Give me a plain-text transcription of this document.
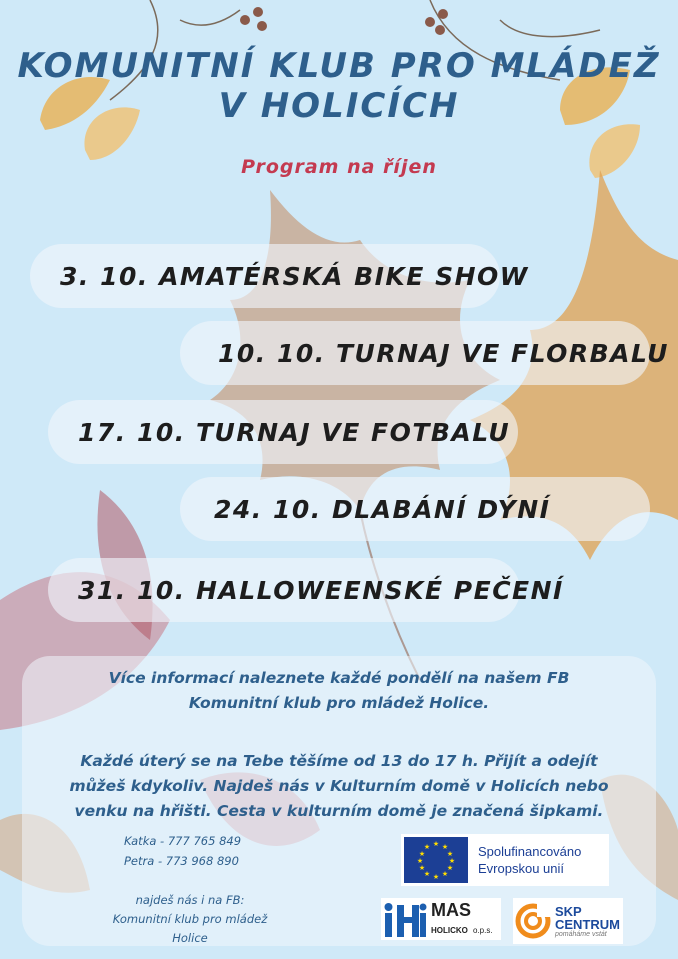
KOMUNITNÍ KLUB PRO MLÁDEŽ
V HOLICÍCH
Program na říjen
3. 10. AMATÉRSKÁ BIKE SHOW
10. 10. TURNAJ VE FLORBALU
17. 10. TURNAJ VE FOTBALU
24. 10. DLABÁNÍ DÝNÍ
31. 10. HALLOWEENSKÉ PEČENÍ
Více informací naleznete každé pondělí na našem FB
Komunitní klub pro mládež Holice.
Každé úterý se na Tebe těšíme od 13 do 17 h. Přijít a odejít
můžeš kdykoliv. Najdeš nás v Kulturním domě v Holicích nebo
venku na hřišti. Cesta v kulturním domě je značená šipkami.
Katka - 777 765 849
Petra - 773 968 890
najdeš nás i na FB:
Komunitní klub pro mládež
Holice
★ ★
★
★
★
★
★
★
★
★
★
★	Spolufinancováno
Evropskou unií
MAS
HOLICKO o.p.s.
SKP
CENTRUM
pomáháme vstát
